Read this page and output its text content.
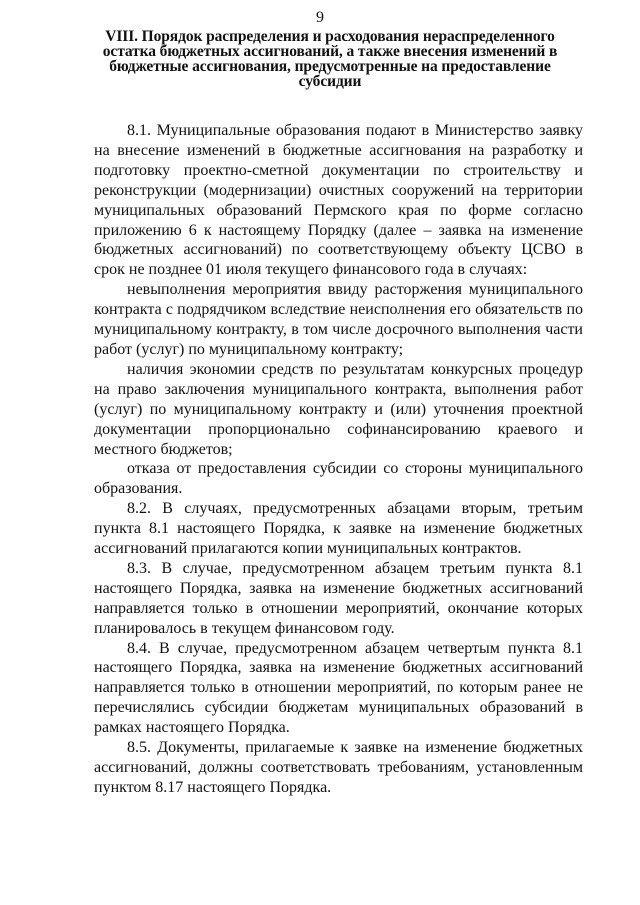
9
VIII. Порядок распределения и расходования нераспределенного остатка бюджетных ассигнований, а также внесения изменений в бюджетные ассигнования, предусмотренные на предоставление субсидии

8.1. Муниципальные образования подают в Министерство заявку на внесение изменений в бюджетные ассигнования на разработку и подготовку проектно-сметной документации по строительству и реконструкции (модернизации) очистных сооружений на территории муниципальных образований Пермского края по форме согласно приложению 6 к настоящему Порядку (далее – заявка на изменение бюджетных ассигнований) по соответствующему объекту ЦСВО в срок не позднее 01 июля текущего финансового года в случаях:

невыполнения мероприятия ввиду расторжения муниципального контракта с подрядчиком вследствие неисполнения его обязательств по муниципальному контракту, в том числе досрочного выполнения части работ (услуг) по муниципальному контракту;

наличия экономии средств по результатам конкурсных процедур на право заключения муниципального контракта, выполнения работ (услуг) по муниципальному контракту и (или) уточнения проектной документации пропорционально софинансированию краевого и местного бюджетов;

отказа от предоставления субсидии со стороны муниципального образования.

8.2. В случаях, предусмотренных абзацами вторым, третьим пункта 8.1 настоящего Порядка, к заявке на изменение бюджетных ассигнований прилагаются копии муниципальных контрактов.

8.3. В случае, предусмотренном абзацем третьим пункта 8.1 настоящего Порядка, заявка на изменение бюджетных ассигнований направляется только в отношении мероприятий, окончание которых планировалось в текущем финансовом году.

8.4. В случае, предусмотренном абзацем четвертым пункта 8.1 настоящего Порядка, заявка на изменение бюджетных ассигнований направляется только в отношении мероприятий, по которым ранее не перечислялись субсидии бюджетам муниципальных образований в рамках настоящего Порядка.

8.5. Документы, прилагаемые к заявке на изменение бюджетных ассигнований, должны соответствовать требованиям, установленным пунктом 8.17 настоящего Порядка.
